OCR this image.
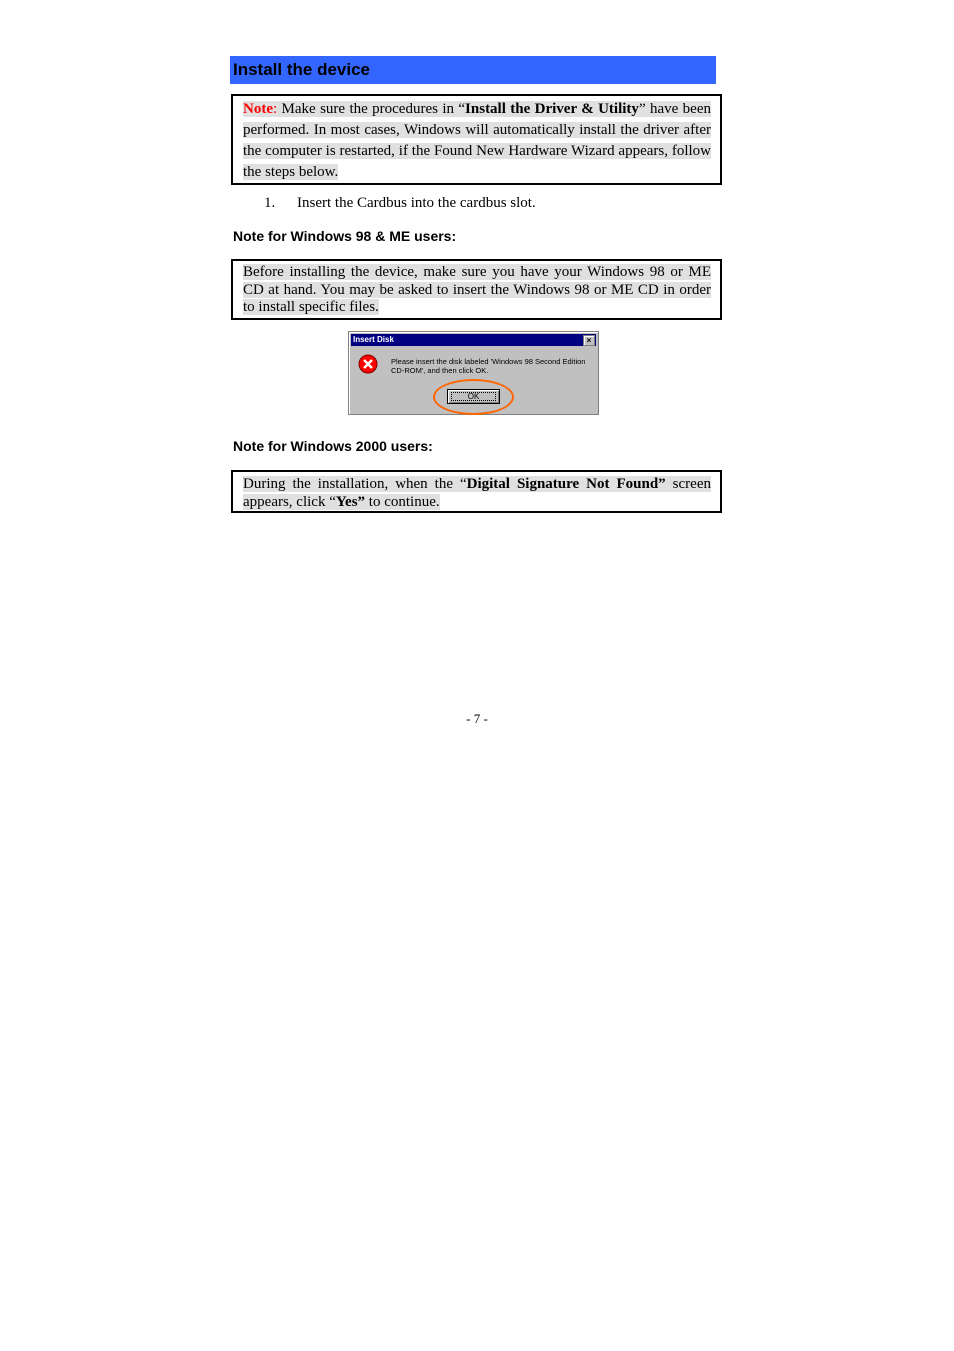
Install the device
Note: Make sure the procedures in “Install the Driver & Utility” have been performed. In most cases, Windows will automatically install the driver after the computer is restarted, if the Found New Hardware Wizard appears, follow the steps below.
1. Insert the Cardbus into the cardbus slot.
Note for Windows 98 & ME users:
Before installing the device, make sure you have your Windows 98 or ME CD at hand. You may be asked to insert the Windows 98 or ME CD in order to install specific files.
Insert Disk	×
Please insert the disk labeled 'Windows 98 Second Edition
CD-ROM', and then click OK.
OK
Note for Windows 2000 users:
During the installation, when the “Digital Signature Not Found” screen appears, click “Yes” to continue.
- 7 -
